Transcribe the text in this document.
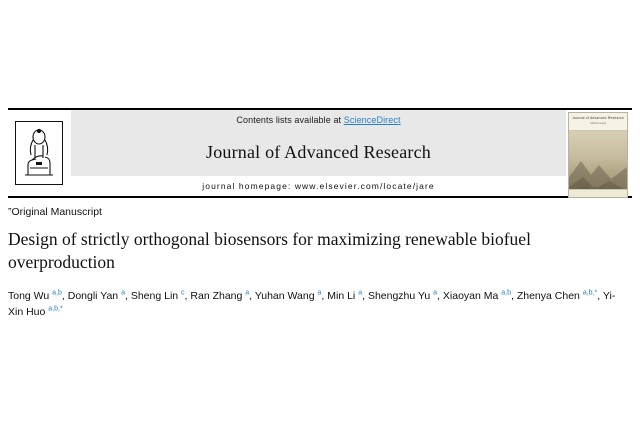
Contents lists available at ScienceDirect
Journal of Advanced Research
journal homepage: www.elsevier.com/locate/jare
Journal of Advanced Research
Official Journal
”Original Manuscript
Design of strictly orthogonal biosensors for maximizing renewable biofuel overproduction
Tong Wu $^{a,b}$, Dongli Yan $^a$, Sheng Lin $^c$, Ran Zhang $^a$, Yuhan Wang $^a$, Min Li $^a$, Shengzhu Yu $^a$, Xiaoyan Ma $^{a,b}$, Zhenya Chen $^{a,b,*}$, Yi-Xin Huo $^{a,b,*}$
